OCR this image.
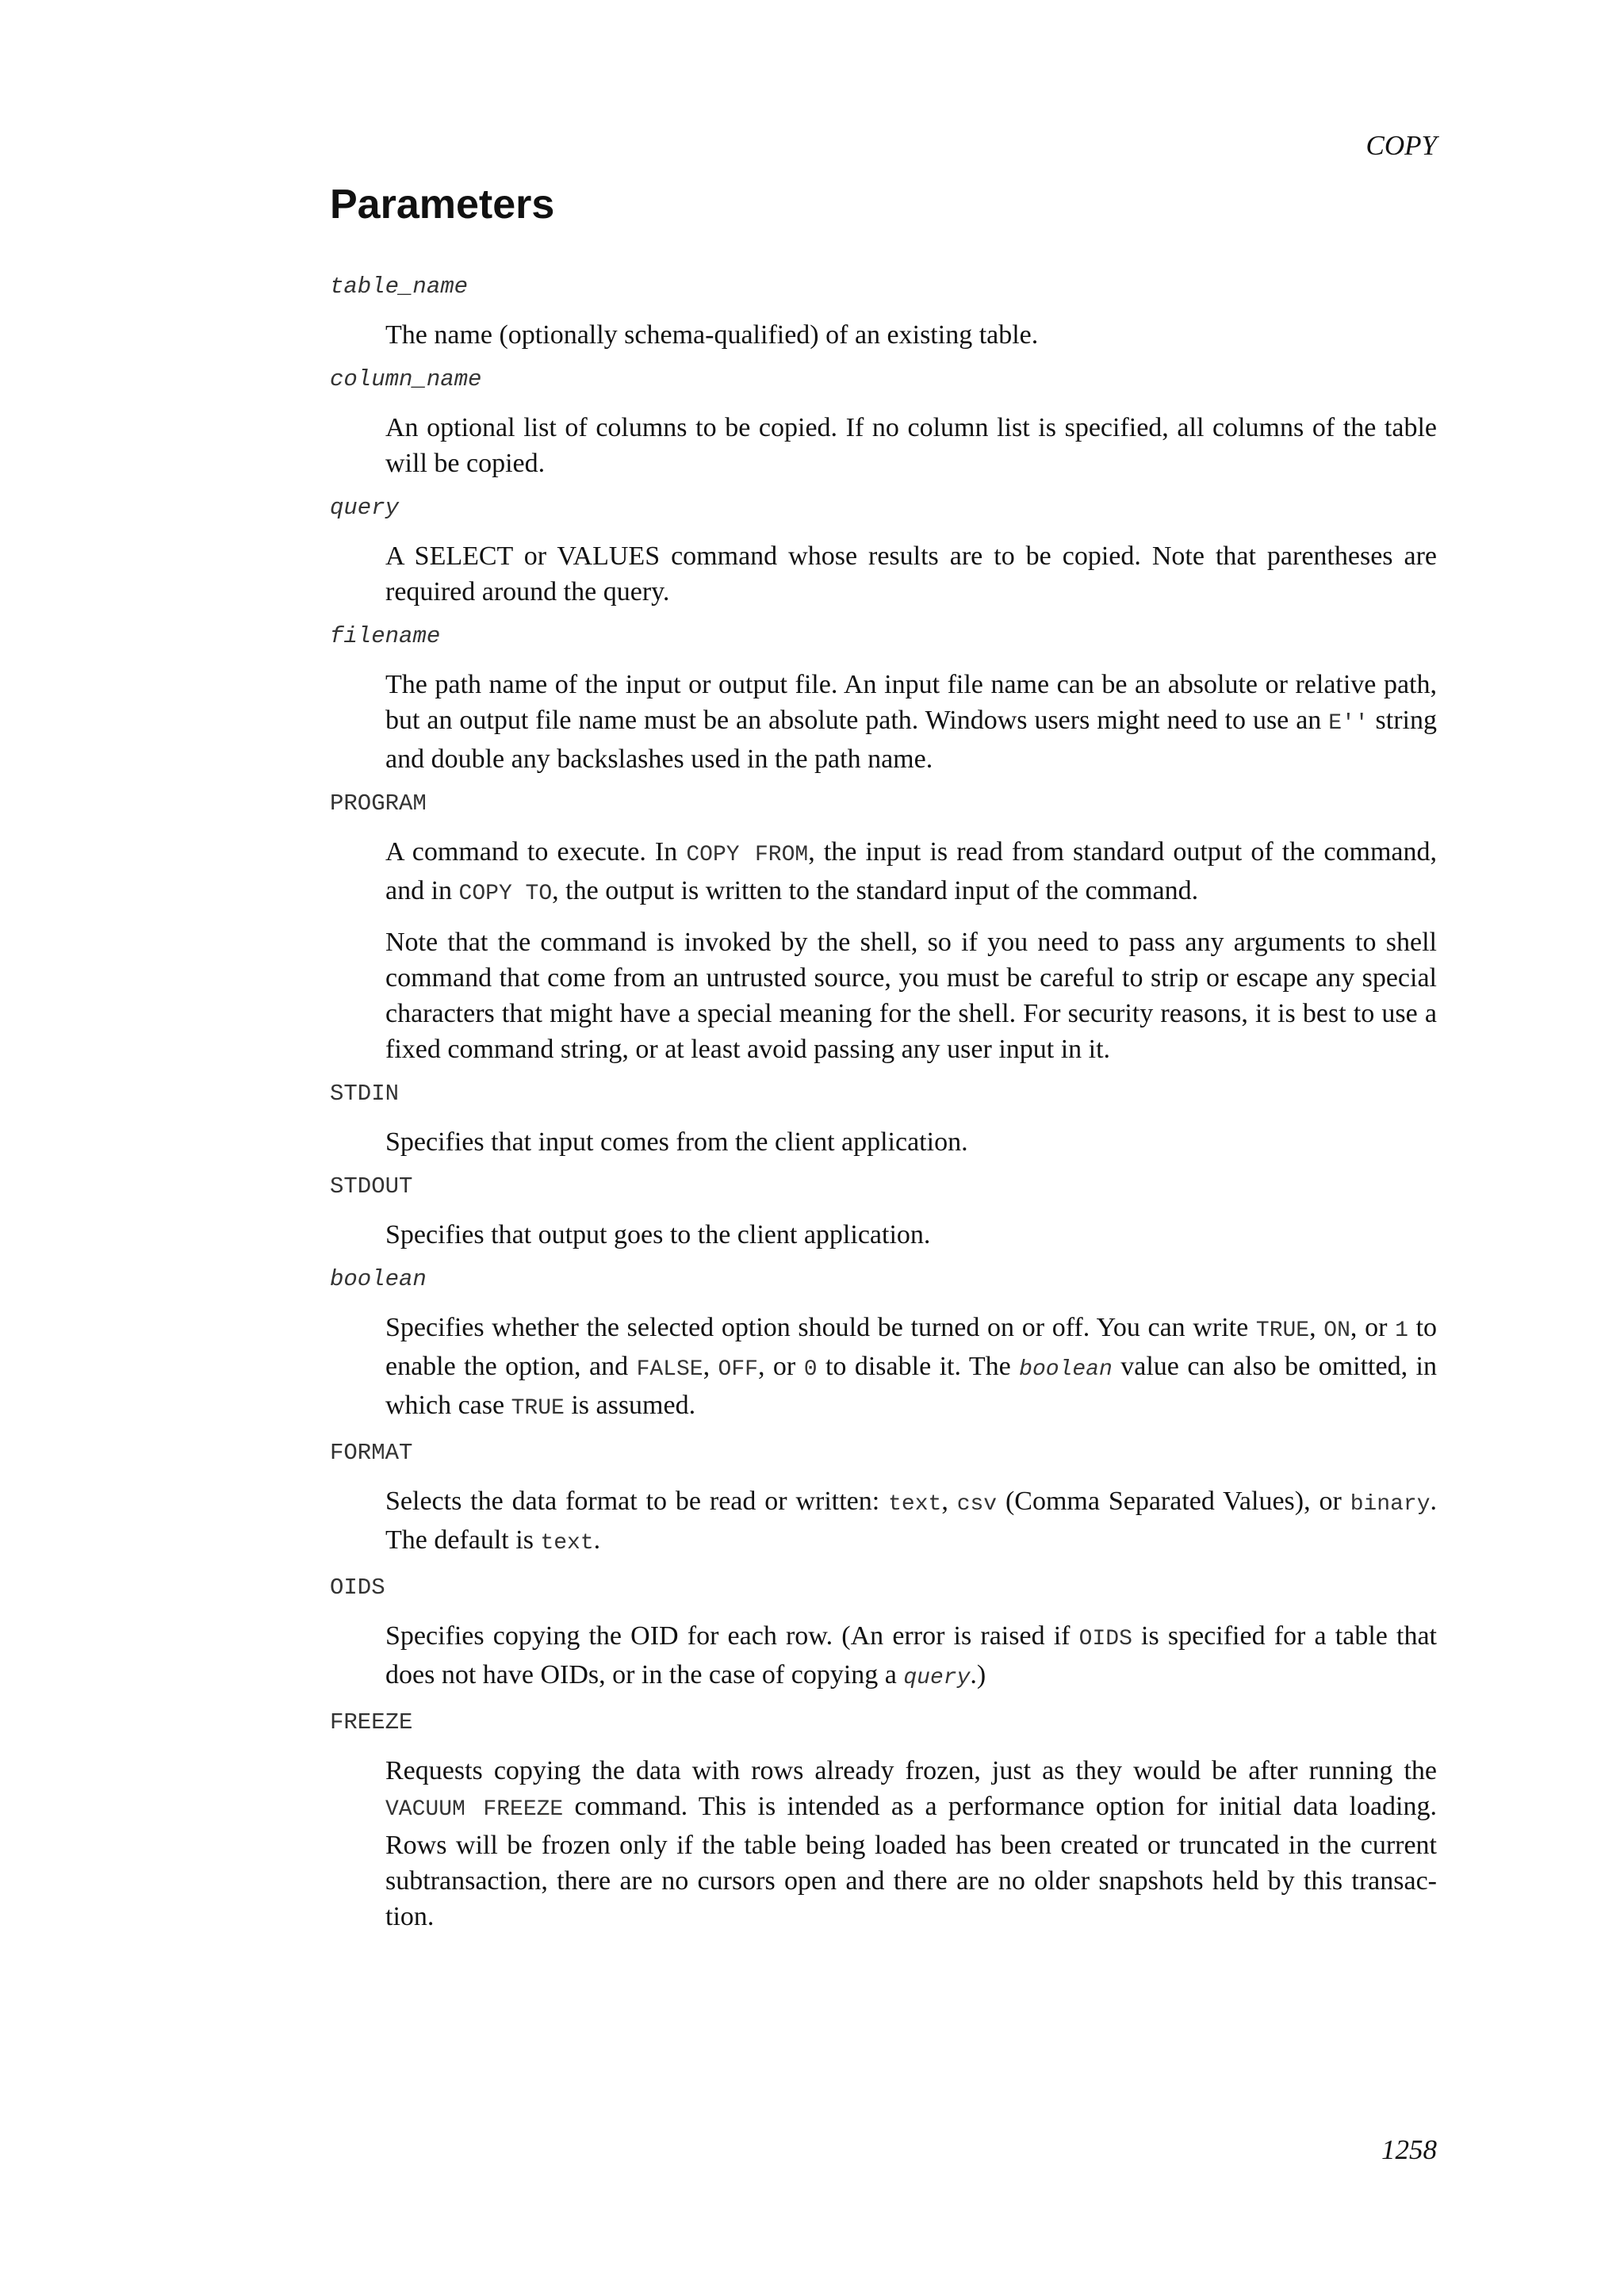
COPY
Parameters
table_name

The name (optionally schema-qualified) of an existing table.

column_name

An optional list of columns to be copied. If no column list is specified, all columns of the table will be copied.

query

A SELECT or VALUES command whose results are to be copied. Note that parentheses are required around the query.

filename

The path name of the input or output file. An input file name can be an absolute or relative path, but an output file name must be an absolute path. Windows users might need to use an E'' string and double any backslashes used in the path name.

PROGRAM

A command to execute. In COPY FROM, the input is read from standard output of the command, and in COPY TO, the output is written to the standard input of the command.

Note that the command is invoked by the shell, so if you need to pass any arguments to shell command that come from an untrusted source, you must be careful to strip or escape any special characters that might have a special meaning for the shell. For security reasons, it is best to use a fixed command string, or at least avoid passing any user input in it.

STDIN

Specifies that input comes from the client application.

STDOUT

Specifies that output goes to the client application.

boolean

Specifies whether the selected option should be turned on or off. You can write TRUE, ON, or 1 to enable the option, and FALSE, OFF, or 0 to disable it. The boolean value can also be omitted, in which case TRUE is assumed.

FORMAT

Selects the data format to be read or written: text, csv (Comma Separated Values), or binary. The default is text.

OIDS

Specifies copying the OID for each row. (An error is raised if OIDS is specified for a table that does not have OIDs, or in the case of copying a query.)

FREEZE

Requests copying the data with rows already frozen, just as they would be after running the VACUUM FREEZE command. This is intended as a performance option for initial data loading. Rows will be frozen only if the table being loaded has been created or truncated in the current subtransaction, there are no cursors open and there are no older snapshots held by this transac-tion.

1258
